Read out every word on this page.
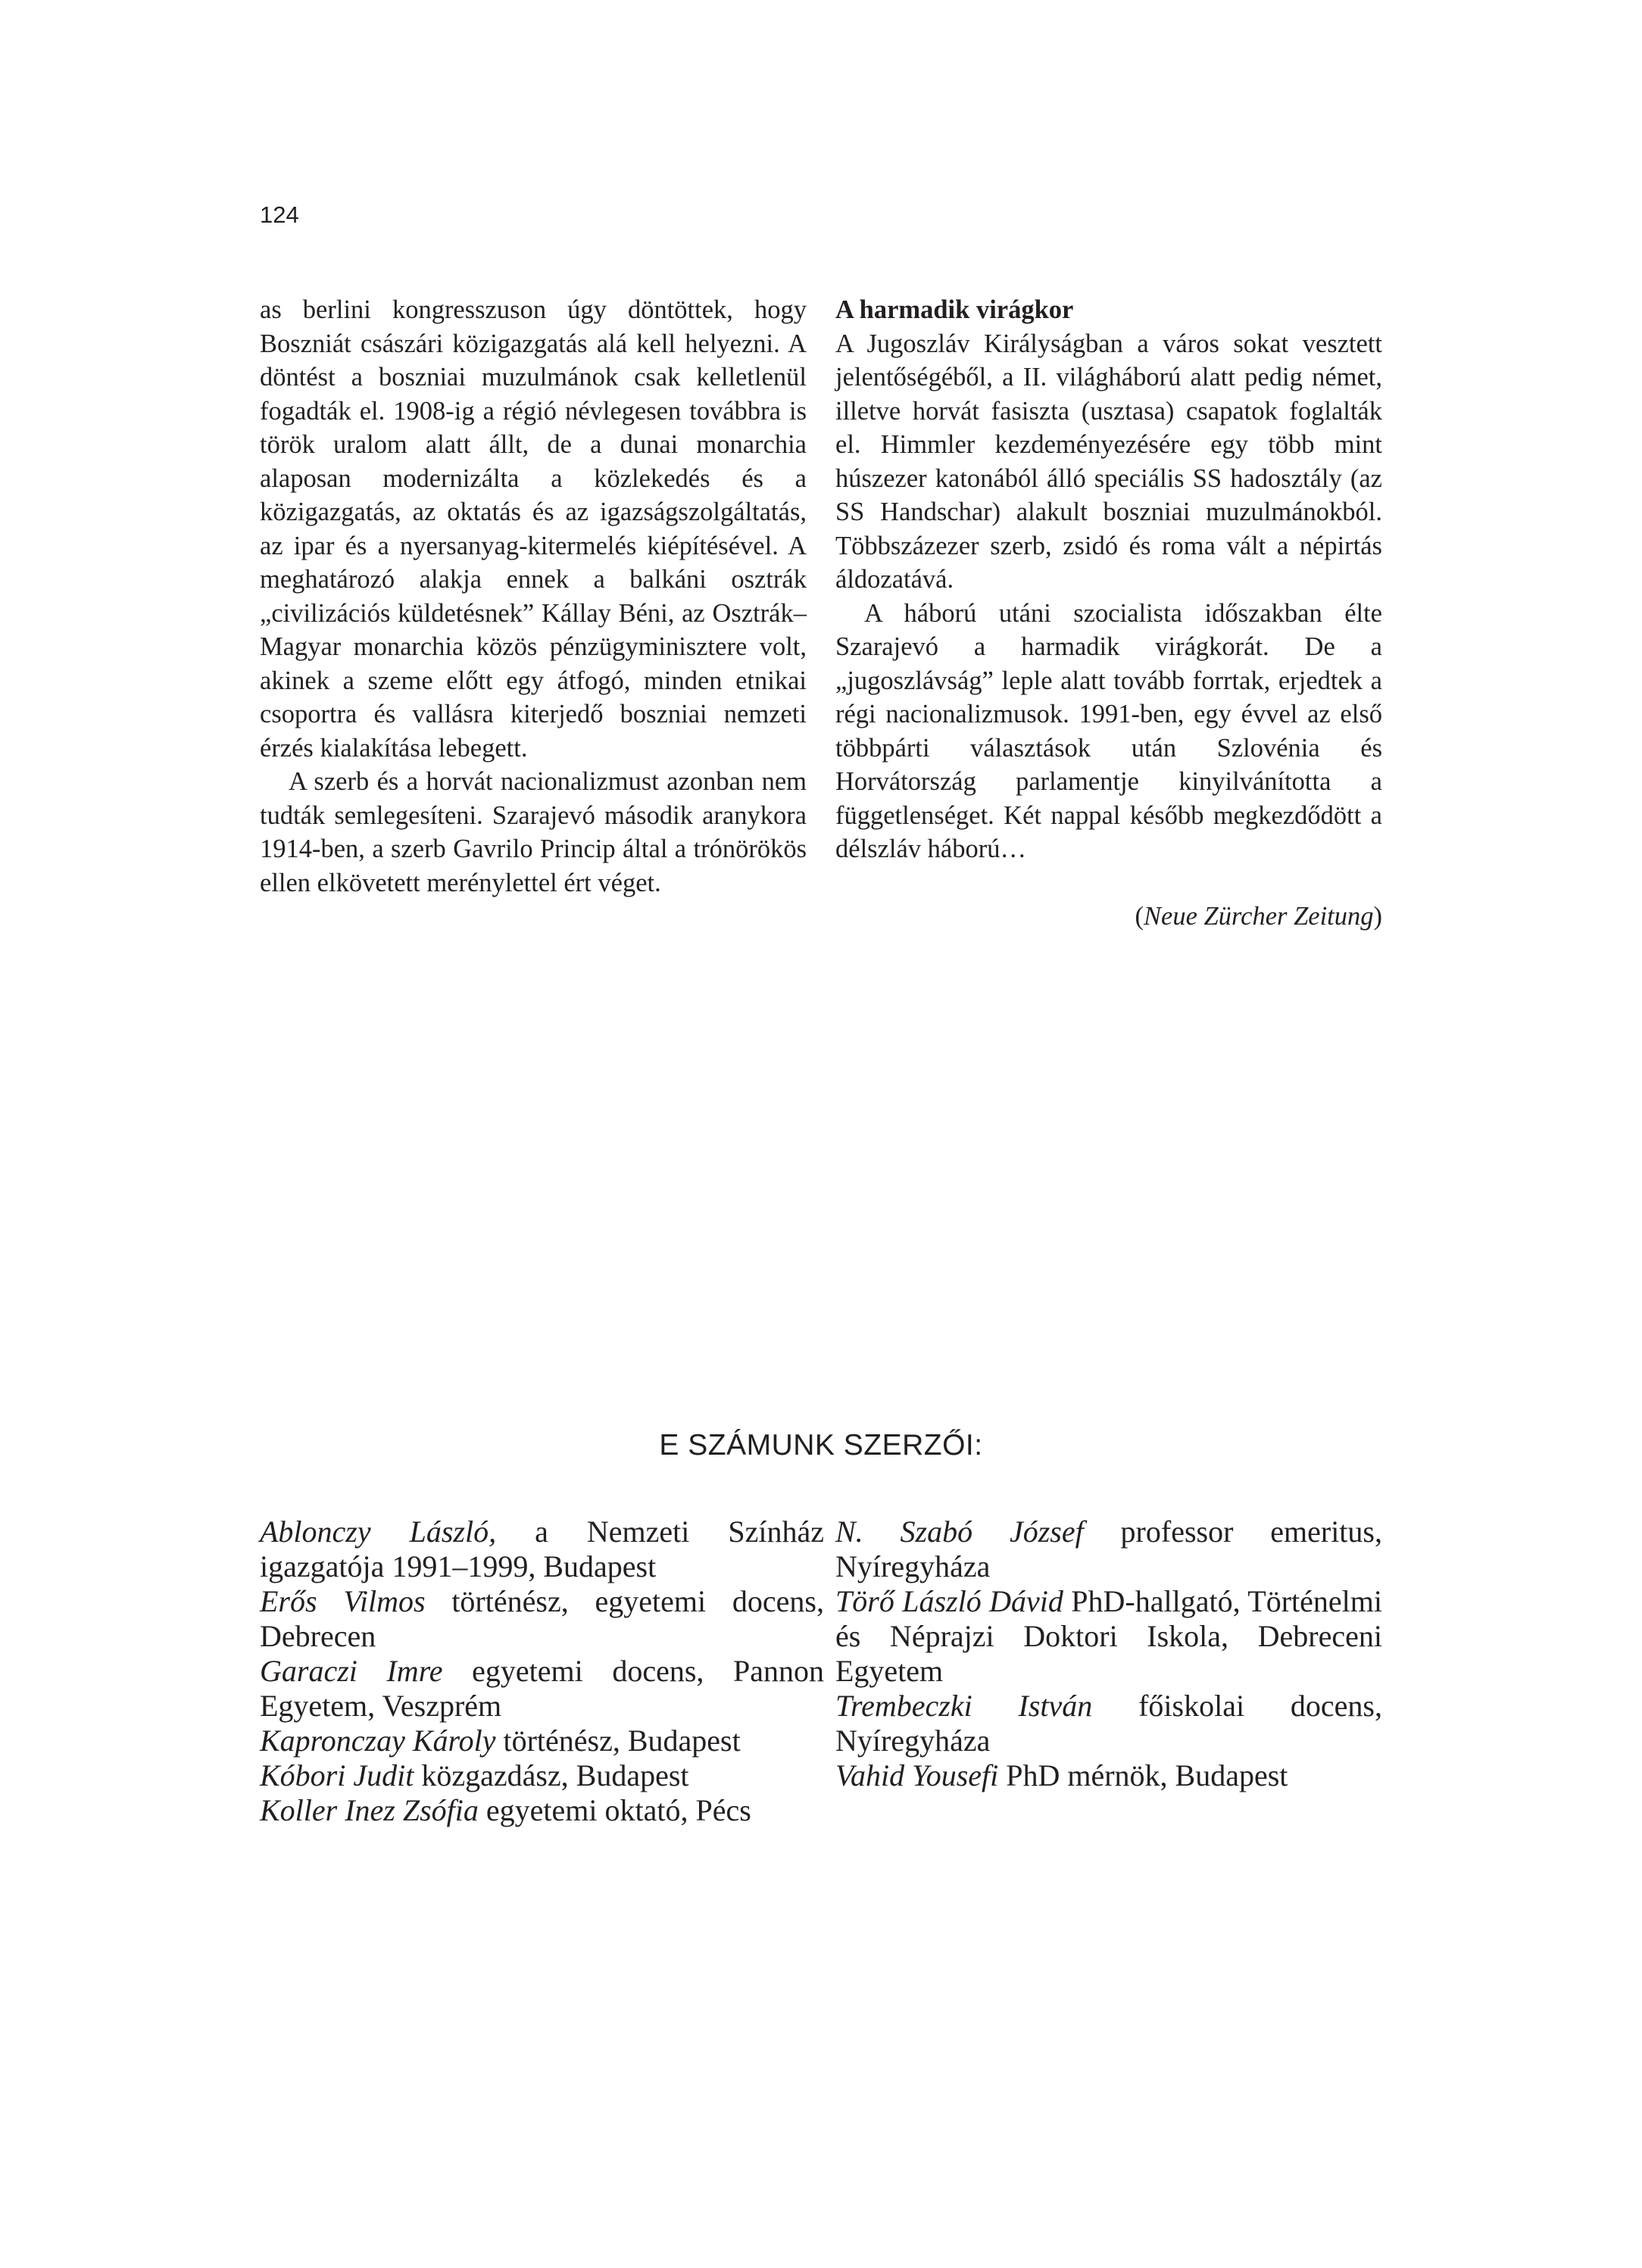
124

as berlini kongresszuson úgy döntöttek, hogy Boszniát császári közigazgatás alá kell helyezni. A döntést a boszniai muzulmánok csak kelletlenül fogadták el. 1908-ig a régió névlegesen továbbra is török uralom alatt állt, de a dunai monarchia alaposan modernizálta a közlekedés és a közigazgatás, az oktatás és az igazságszolgáltatás, az ipar és a nyersanyag-kitermelés kiépítésével. A meghatározó alakja ennek a balkáni osztrák „civilizációs küldetésnek” Kállay Béni, az Osztrák–Magyar monarchia közös pénzügyminisztere volt, akinek a szeme előtt egy átfogó, minden etnikai csoportra és vallásra kiterjedő boszniai nemzeti érzés kialakítása lebegett.

A szerb és a horvát nacionalizmust azonban nem tudták semlegesíteni. Szarajevó második aranykora 1914-ben, a szerb Gavrilo Princip által a trónörökös ellen elkövetett merénylettel ért véget.

A harmadik virágkor

A Jugoszláv Királyságban a város sokat vesztett jelentőségéből, a II. világháború alatt pedig német, illetve horvát fasiszta (usztasa) csapatok foglalták el. Himmler kezdeményezésére egy több mint húszezer katonából álló speciális SS hadosztály (az SS Handschar) alakult boszniai muzulmánokból. Többszázezer szerb, zsidó és roma vált a népirtás áldozatává.

A háború utáni szocialista időszakban élte Szarajevó a harmadik virágkorát. De a „jugoszlávság” leple alatt tovább forrtak, erjedtek a régi nacionalizmusok. 1991-ben, egy évvel az első többpárti választások után Szlovénia és Horvátország parlamentje kinyilvánította a függetlenséget. Két nappal később megkezdődött a délszláv háború…

(Neue Zürcher Zeitung)

E SZÁMUNK SZERZŐI:

Ablonczy László, a Nemzeti Színház igazgatója 1991–1999, Budapest

Erős Vilmos történész, egyetemi docens, Debrecen

Garaczi Imre egyetemi docens, Pannon Egyetem, Veszprém

Kapronczay Károly történész, Budapest

Kóbori Judit közgazdász, Budapest

Koller Inez Zsófia egyetemi oktató, Pécs

N. Szabó József professor emeritus, Nyíregyháza

Törő László Dávid PhD-hallgató, Történelmi és Néprajzi Doktori Iskola, Debreceni Egyetem

Trembeczki István főiskolai docens, Nyíregyháza

Vahid Yousefi PhD mérnök, Budapest
